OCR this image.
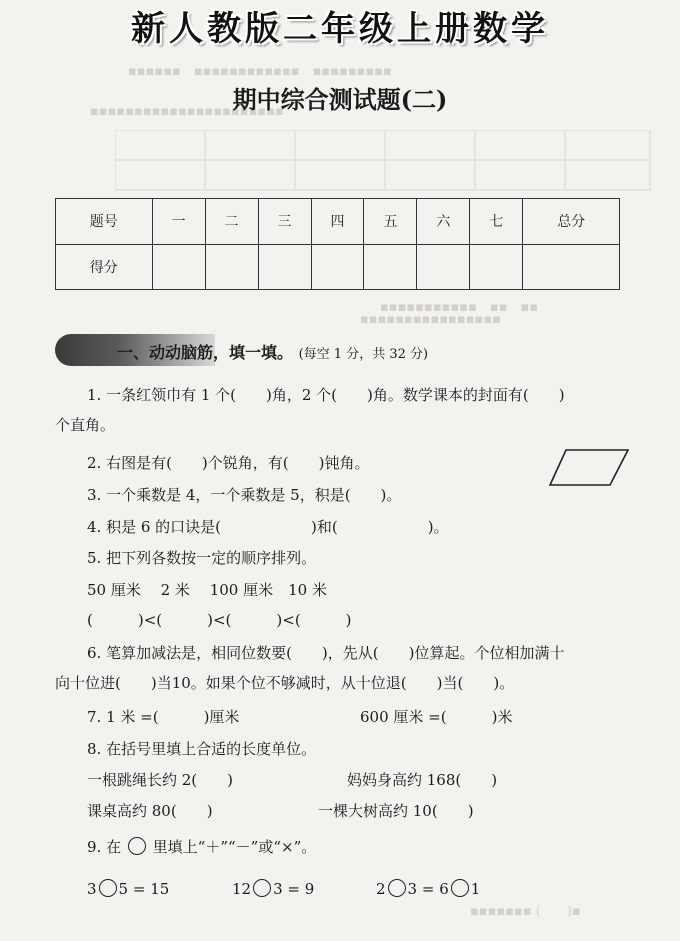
▪▪▪▪▪▪　▪▪▪▪▪▪▪▪▪▪▪▪　▪▪▪▪▪▪▪▪▪
▪▪▪▪▪▪▪▪▪▪▪▪▪▪▪▪▪▪▪▪▪▪
新人教版二年级上册数学
期中综合测试题(二)
题号	一	二	三	四	五	六	七	总分
得分								
▪▪▪▪▪▪▪▪▪▪▪　▪▪　▪▪
▪▪▪▪▪▪▪▪▪▪▪▪▪▪▪▪
一、动动脑筋，填一填。 (每空 1 分，共 32 分)
1. 一条红领巾有 1 个(　　)角，2 个(　　)角。数学课本的封面有(　　)
个直角。
2. 右图是有(　　)个锐角，有(　　)钝角。
3. 一个乘数是 4，一个乘数是 5，积是(　　)。
4. 积是 6 的口诀是(　　　　　　)和(　　　　　　)。
5. 把下列各数按一定的顺序排列。
50 厘米　 2 米　 100 厘米　10 米
(　　　)<(　　　)<(　　　)<(　　　)
6. 笔算加减法是，相同位数要(　　)，先从(　　)位算起。个位相加满十
向十位进(　　)当10。如果个位不够减时，从十位退(　　)当(　　)。
7. 1 米 =(　　　)厘米	600 厘米 =(　　　)米
8. 在括号里填上合适的长度单位。
一根跳绳长约 2(　　)	妈妈身高约 168(　　)
课桌高约 80(　　)	一棵大树高约 10(　　)
9. 在 里填上“＋”“－”或“×”。
3 5 = 15	12 3 = 9	2 3 = 6 1
▪▪▪▪▪▪▪ (　　)▪
